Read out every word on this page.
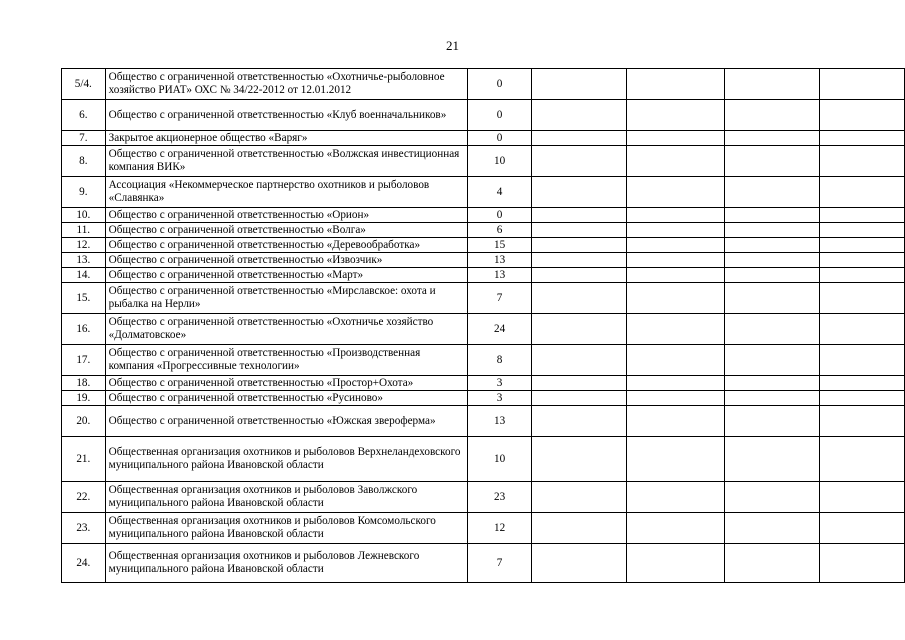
21
5/4.	Общество с ограниченной ответственностью «Охотничье-рыболовное хозяйство РИАТ» ОХС № 34/22-2012 от 12.01.2012	0				
6.	Общество с ограниченной ответственностью «Клуб военначальников»	0				
7.	Закрытое акционерное общество «Варяг»	0				
8.	Общество с ограниченной ответственностью «Волжская инвестиционная компания ВИК»	10				
9.	Ассоциация «Некоммерческое партнерство охотников и рыболовов «Славянка»	4				
10.	Общество с ограниченной ответственностью «Орион»	0				
11.	Общество с ограниченной ответственностью «Волга»	6				
12.	Общество с ограниченной ответственностью «Деревообработка»	15				
13.	Общество с ограниченной ответственностью «Извозчик»	13				
14.	Общество с ограниченной ответственностью «Март»	13				
15.	Общество с ограниченной ответственностью «Мирславское: охота и рыбалка на Нерли»	7				
16.	Общество с ограниченной ответственностью «Охотничье хозяйство «Долматовское»	24				
17.	Общество с ограниченной ответственностью «Производственная компания «Прогрессивные технологии»	8				
18.	Общество с ограниченной ответственностью «Простор+Охота»	3				
19.	Общество с ограниченной ответственностью «Русиново»	3				
20.	Общество с ограниченной ответственностью «Южская звероферма»	13				
21.	Общественная организация охотников и рыболовов Верхнеландеховского муниципального района Ивановской области	10				
22.	Общественная организация охотников и рыболовов Заволжского муниципального района Ивановской области	23				
23.	Общественная организация охотников и рыболовов Комсомольского муниципального района Ивановской области	12				
24.	Общественная организация охотников и рыболовов Лежневского муниципального района Ивановской области	7				
